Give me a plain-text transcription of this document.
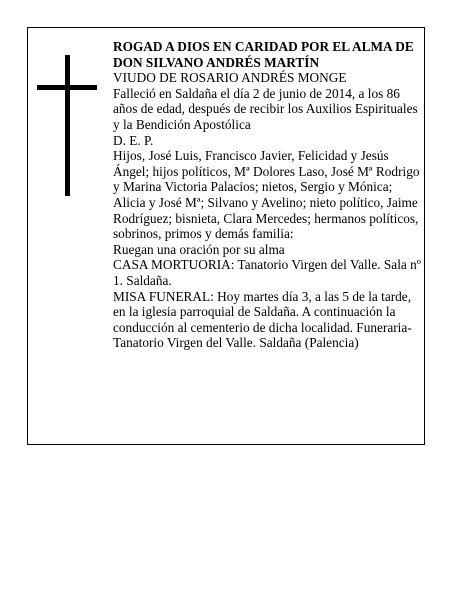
ROGAD A DIOS EN CARIDAD POR EL ALMA DE

DON SILVANO ANDRÉS MARTÍN

VIUDO DE ROSARIO ANDRÉS MONGE

Falleció en Saldaña el día 2 de junio de 2014, a los 86 años de edad, después de recibir los Auxilios Espirituales y la Bendición Apostólica

D. E. P.

Hijos, José Luis, Francisco Javier, Felicidad y Jesús Ángel; hijos políticos, Mª Dolores Laso, José Mª Rodrigo y Marina Victoria Palacios; nietos, Sergio y Mónica; Alicia y José Mª; Silvano y Avelino; nieto político, Jaime Rodríguez; bisnieta, Clara Mercedes; hermanos políticos, sobrinos, primos y demás familia:

Ruegan una oración por su alma

CASA MORTUORIA: Tanatorio Virgen del Valle. Sala nº 1. Saldaña.

MISA FUNERAL: Hoy martes día 3, a las 5 de la tarde, en la iglesia parroquial de Saldaña. A continuación la conducción al cementerio de dicha localidad. Funeraria-Tanatorio Virgen del Valle. Saldaña (Palencia)
